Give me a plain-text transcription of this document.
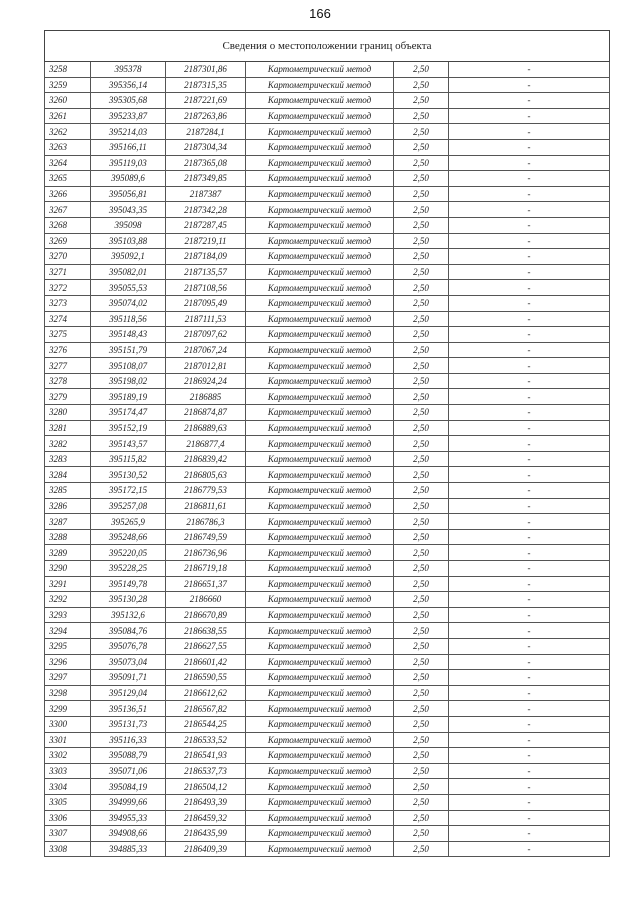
166
Сведения о местоположении границ объекта					
3258	395378	2187301,86	Картометрический метод	2,50	-
3259	395356,14	2187315,35	Картометрический метод	2,50	-
3260	395305,68	2187221,69	Картометрический метод	2,50	-
3261	395233,87	2187263,86	Картометрический метод	2,50	-
3262	395214,03	2187284,1	Картометрический метод	2,50	-
3263	395166,11	2187304,34	Картометрический метод	2,50	-
3264	395119,03	2187365,08	Картометрический метод	2,50	-
3265	395089,6	2187349,85	Картометрический метод	2,50	-
3266	395056,81	2187387	Картометрический метод	2,50	-
3267	395043,35	2187342,28	Картометрический метод	2,50	-
3268	395098	2187287,45	Картометрический метод	2,50	-
3269	395103,88	2187219,11	Картометрический метод	2,50	-
3270	395092,1	2187184,09	Картометрический метод	2,50	-
3271	395082,01	2187135,57	Картометрический метод	2,50	-
3272	395055,53	2187108,56	Картометрический метод	2,50	-
3273	395074,02	2187095,49	Картометрический метод	2,50	-
3274	395118,56	2187111,53	Картометрический метод	2,50	-
3275	395148,43	2187097,62	Картометрический метод	2,50	-
3276	395151,79	2187067,24	Картометрический метод	2,50	-
3277	395108,07	2187012,81	Картометрический метод	2,50	-
3278	395198,02	2186924,24	Картометрический метод	2,50	-
3279	395189,19	2186885	Картометрический метод	2,50	-
3280	395174,47	2186874,87	Картометрический метод	2,50	-
3281	395152,19	2186889,63	Картометрический метод	2,50	-
3282	395143,57	2186877,4	Картометрический метод	2,50	-
3283	395115,82	2186839,42	Картометрический метод	2,50	-
3284	395130,52	2186805,63	Картометрический метод	2,50	-
3285	395172,15	2186779,53	Картометрический метод	2,50	-
3286	395257,08	2186811,61	Картометрический метод	2,50	-
3287	395265,9	2186786,3	Картометрический метод	2,50	-
3288	395248,66	2186749,59	Картометрический метод	2,50	-
3289	395220,05	2186736,96	Картометрический метод	2,50	-
3290	395228,25	2186719,18	Картометрический метод	2,50	-
3291	395149,78	2186651,37	Картометрический метод	2,50	-
3292	395130,28	2186660	Картометрический метод	2,50	-
3293	395132,6	2186670,89	Картометрический метод	2,50	-
3294	395084,76	2186638,55	Картометрический метод	2,50	-
3295	395076,78	2186627,55	Картометрический метод	2,50	-
3296	395073,04	2186601,42	Картометрический метод	2,50	-
3297	395091,71	2186590,55	Картометрический метод	2,50	-
3298	395129,04	2186612,62	Картометрический метод	2,50	-
3299	395136,51	2186567,82	Картометрический метод	2,50	-
3300	395131,73	2186544,25	Картометрический метод	2,50	-
3301	395116,33	2186533,52	Картометрический метод	2,50	-
3302	395088,79	2186541,93	Картометрический метод	2,50	-
3303	395071,06	2186537,73	Картометрический метод	2,50	-
3304	395084,19	2186504,12	Картометрический метод	2,50	-
3305	394999,66	2186493,39	Картометрический метод	2,50	-
3306	394955,33	2186459,32	Картометрический метод	2,50	-
3307	394908,66	2186435,99	Картометрический метод	2,50	-
3308	394885,33	2186409,39	Картометрический метод	2,50	-
